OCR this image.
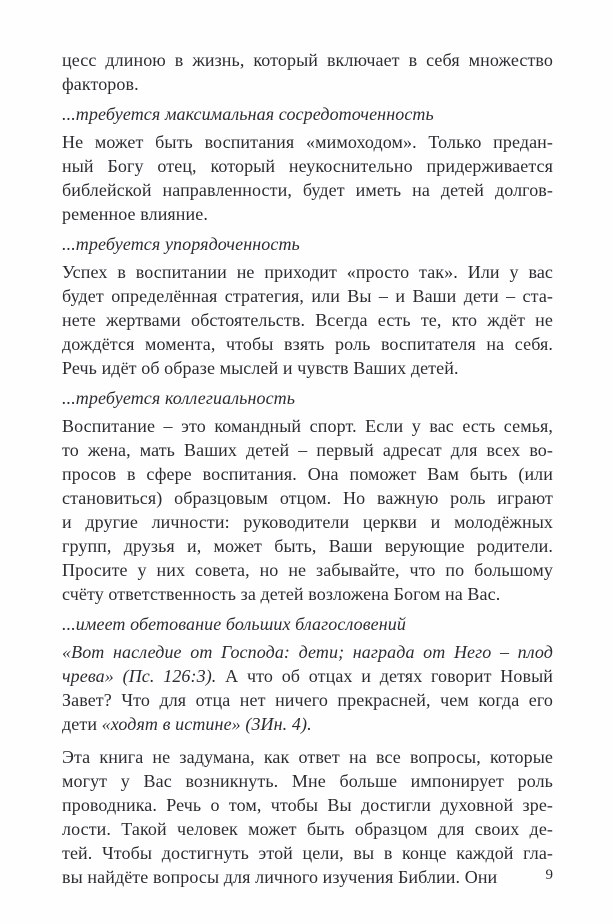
цесс длиною в жизнь, который включает в себя множество
факторов.
...требуется максимальная сосредоточенность
Не может быть воспитания «мимоходом». Только предан-
ный Богу отец, который неукоснительно придерживается
библейской направленности, будет иметь на детей долгов-
ременное влияние.
...требуется упорядоченность
Успех в воспитании не приходит «просто так». Или у вас
будет определённая стратегия, или Вы – и Ваши дети – ста-
нете жертвами обстоятельств. Всегда есть те, кто ждёт не
дождётся момента, чтобы взять роль воспитателя на себя.
Речь идёт об образе мыслей и чувств Ваших детей.
...требуется коллегиальность
Воспитание – это командный спорт. Если у вас есть семья,
то жена, мать Ваших детей – первый адресат для всех во-
просов в сфере воспитания. Она поможет Вам быть (или
становиться) образцовым отцом. Но важную роль играют
и другие личности: руководители церкви и молодёжных
групп, друзья и, может быть, Ваши верующие родители.
Просите у них совета, но не забывайте, что по большому
счёту ответственность за детей возложена Богом на Вас.
...имеет обетование больших благословений
«Вот наследие от Господа: дети; награда от Него – плод
чрева» (Пс. 126:3). А что об отцах и детях говорит Новый
Завет? Что для отца нет ничего прекрасней, чем когда его
дети «ходят в истине» (3Ин. 4).
Эта книга не задумана, как ответ на все вопросы, которые
могут у Вас возникнуть. Мне больше импонирует роль
проводника. Речь о том, чтобы Вы достигли духовной зре-
лости. Такой человек может быть образцом для своих де-
тей. Чтобы достигнуть этой цели, вы в конце каждой гла-
вы найдёте вопросы для личного изучения Библии. Они	9
